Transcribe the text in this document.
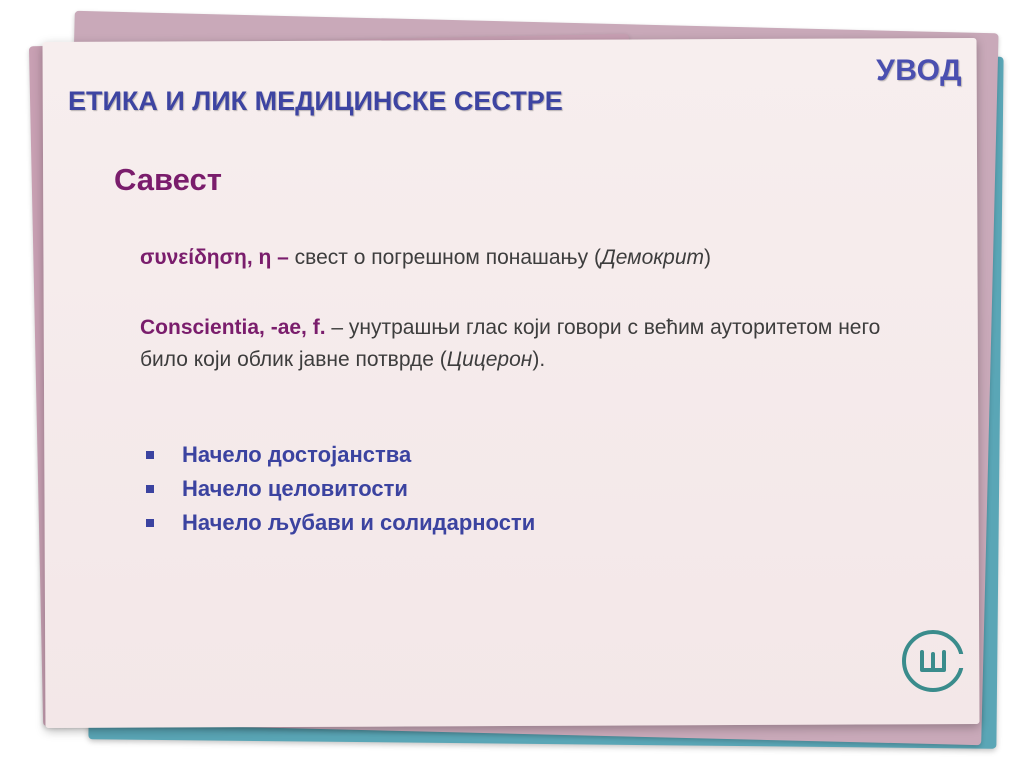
УВОД
ЕТИКА И ЛИК МЕДИЦИНСКЕ СЕСТРЕ
Савест
συνείδηση, η – свест о погрешном понашању (Демокрит)
Conscientia, -ae, f. – унутрашњи глас који говори с већим ауторитетом него било који облик јавне потврде (Цицерон).
Начело достојанства
Начело целовитости
Начело љубави и солидарности
